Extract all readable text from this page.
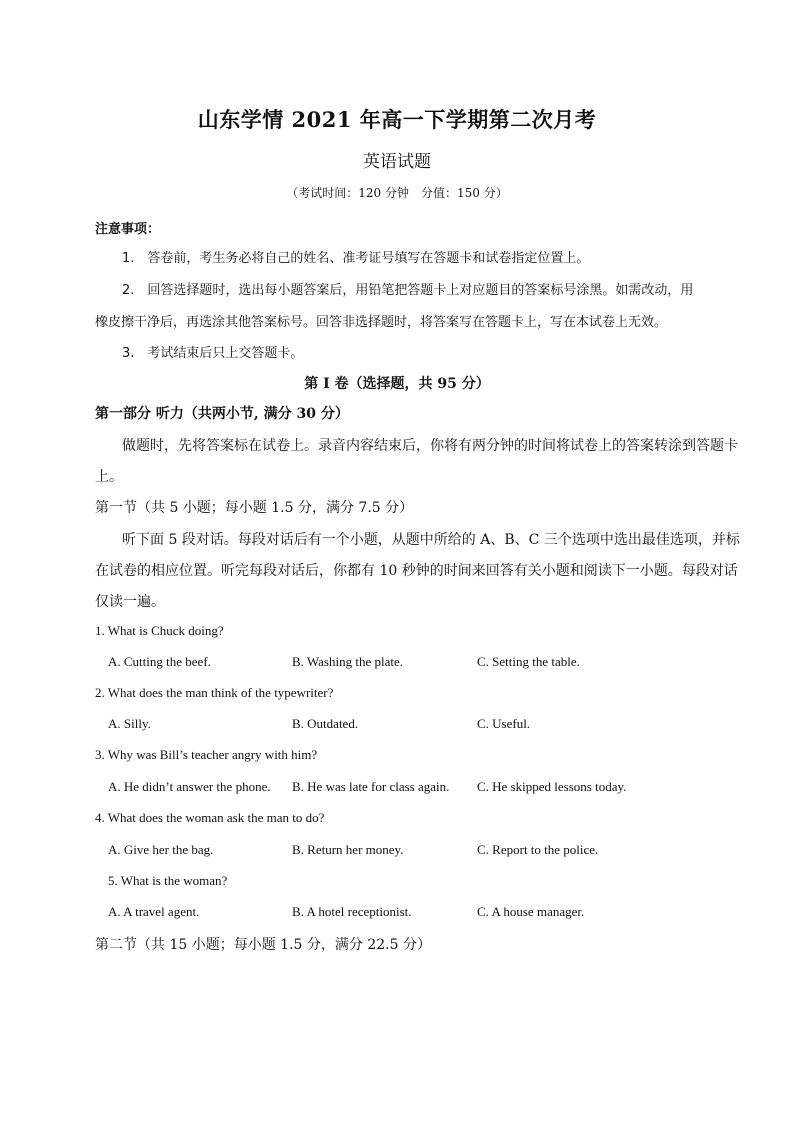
山东学情 2021 年高一下学期第二次月考
英语试题
（考试时间：120 分钟　分值：150 分）
注意事项：
1.　答卷前，考生务必将自己的姓名、准考证号填写在答题卡和试卷指定位置上。
2.　回答选择题时，选出每小题答案后，用铅笔把答题卡上对应题目的答案标号涂黑。如需改动，用
橡皮擦干净后，再选涂其他答案标号。回答非选择题时，将答案写在答题卡上，写在本试卷上无效。
3.　考试结束后只上交答题卡。
第 I 卷（选择题，共 95 分）
第一部分 听力（共两小节, 满分 30 分）
做题时，先将答案标在试卷上。录音内容结束后，你将有两分钟的时间将试卷上的答案转涂到答题卡
上。
第一节（共 5 小题；每小题 1.5 分，满分 7.5 分）
听下面 5 段对话。每段对话后有一个小题，从题中所给的 A、B、C 三个选项中选出最佳选项，并标
在试卷的相应位置。听完每段对话后，你都有 10 秒钟的时间来回答有关小题和阅读下一小题。每段对话
仅读一遍。
1. What is Chuck doing?
A. Cutting the beef.	B. Washing the plate.	C. Setting the table.
2. What does the man think of the typewriter?
A. Silly.	B. Outdated.	C. Useful.
3. Why was Bill’s teacher angry with him?
A. He didn’t answer the phone. B. He was late for class again. C. He skipped lessons today.
4. What does the woman ask the man to do?
A. Give her the bag.	B. Return her money.	C. Report to the police.
5. What is the woman?
A. A travel agent.	B. A hotel receptionist.	C. A house manager.
第二节（共 15 小题；每小题 1.5 分，满分 22.5 分）
